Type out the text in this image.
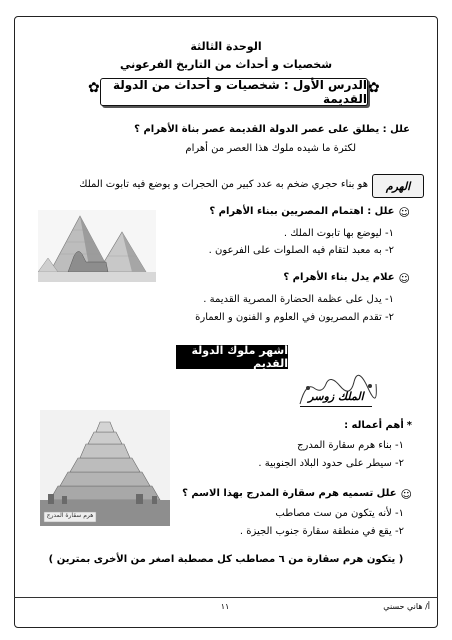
الوحدة الثالثة
شخصيات و أحداث من التاريخ الفرعوني
✿	الدرس الأول : شخصيات و أحداث من الدولة القديمة
✿
علل : يطلق على عصر الدولة القديمة عصر بناة الأهرام ؟
لكثرة ما شيده ملوك هذا العصر من أهرام
الهرم
هو بناء حجري ضخم به عدد كبير من الحجرات و يوضع فيه تابوت الملك
☺
علل : اهتمام المصريين ببناء الأهرام ؟
١- ليوضع بها تابوت الملك .
٢- به معبد لتقام فيه الصلوات على الفرعون .
☺
علام يدل بناء الأهرام ؟
١- يدل على عظمة الحضارة المصرية القديمة .
٢- تقدم المصريون في العلوم و الفنون و العمارة
أشهر ملوك الدولة القديم
الملك زوسر
*
أهم أعماله :
١- بناء هرم سقارة المدرج
٢- سيطر على حدود البلاد الجنوبية .
هرم سقارة المدرج
☺
علل تسميه هرم سقارة المدرج بهذا الاسم ؟
١- لأنه يتكون من ست مصاطب
٢- يقع في منطقة سقارة جنوب الجيزة .
( يتكون هرم سقارة من ٦ مصاطب كل مصطبة اصغر من الأخرى بمترين )
١١	أ/ هاني حسني
